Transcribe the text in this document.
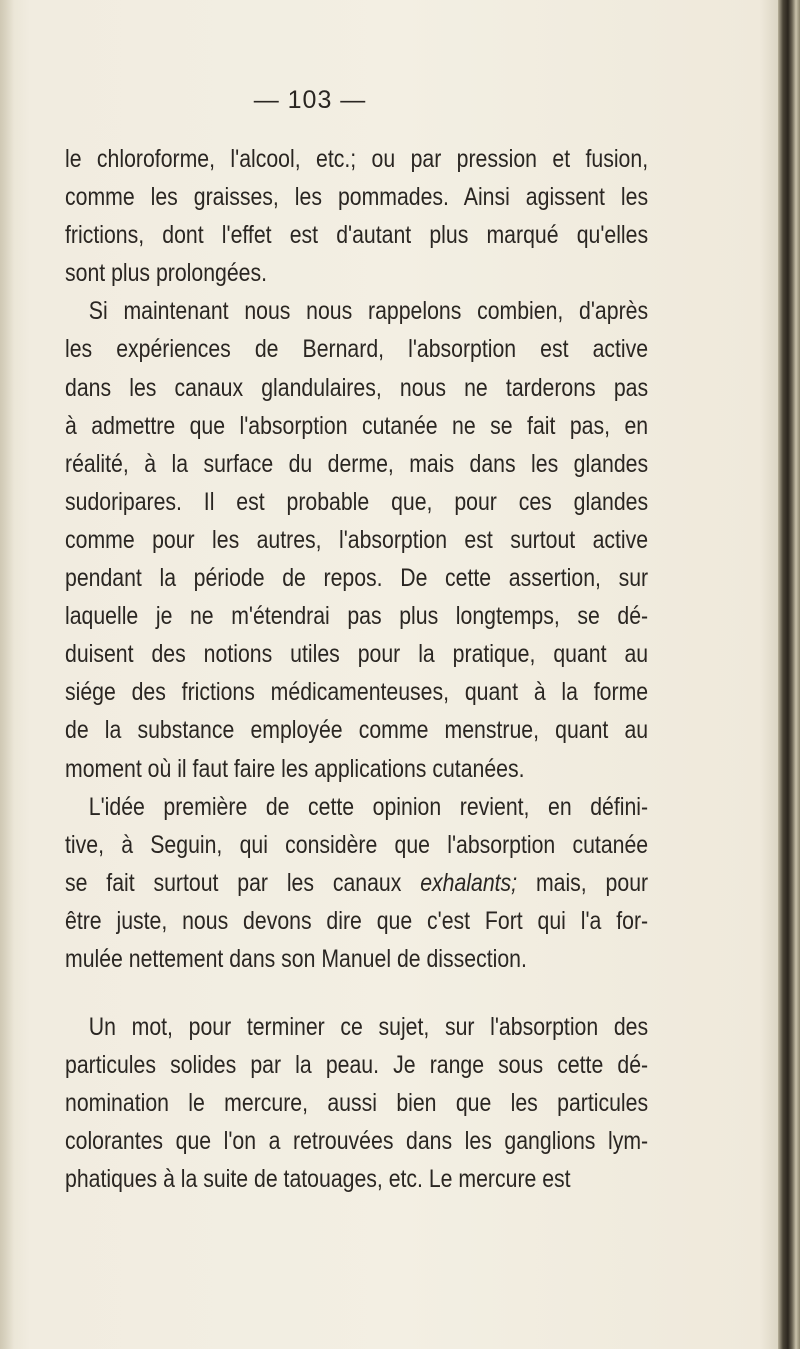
— 103 —
le chloroforme, l'alcool, etc.; ou par pression et fusion,
comme les graisses, les pommades. Ainsi agissent les
frictions, dont l'effet est d'autant plus marqué qu'elles
sont plus prolongées.
Si maintenant nous nous rappelons combien, d'après
les expériences de Bernard, l'absorption est active
dans les canaux glandulaires, nous ne tarderons pas
à admettre que l'absorption cutanée ne se fait pas, en
réalité, à la surface du derme, mais dans les glandes
sudoripares. Il est probable que, pour ces glandes
comme pour les autres, l'absorption est surtout active
pendant la période de repos. De cette assertion, sur
laquelle je ne m'étendrai pas plus longtemps, se dé-
duisent des notions utiles pour la pratique, quant au
siége des frictions médicamenteuses, quant à la forme
de la substance employée comme menstrue, quant au
moment où il faut faire les applications cutanées.
L'idée première de cette opinion revient, en défini-
tive, à Seguin, qui considère que l'absorption cutanée
se fait surtout par les canaux exhalants; mais, pour
être juste, nous devons dire que c'est Fort qui l'a for-
mulée nettement dans son Manuel de dissection.
Un mot, pour terminer ce sujet, sur l'absorption des
particules solides par la peau. Je range sous cette dé-
nomination le mercure, aussi bien que les particules
colorantes que l'on a retrouvées dans les ganglions lym-
phatiques à la suite de tatouages, etc. Le mercure est
